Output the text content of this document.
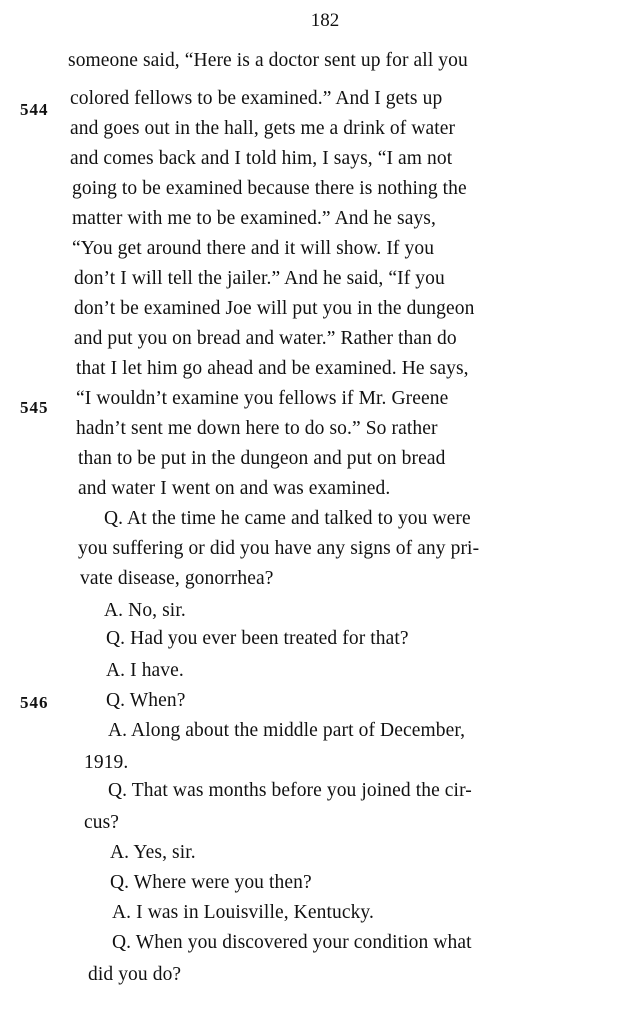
182
544
545
546
someone said, “Here is a doctor sent up for all you
colored fellows to be examined.” And I gets up
and goes out in the hall, gets me a drink of water
and comes back and I told him, I says, “I am not
going to be examined because there is nothing the
matter with me to be examined.” And he says,
“You get around there and it will show. If you
don’t I will tell the jailer.” And he said, “If you
don’t be examined Joe will put you in the dungeon
and put you on bread and water.” Rather than do
that I let him go ahead and be examined. He says,
“I wouldn’t examine you fellows if Mr. Greene
hadn’t sent me down here to do so.” So rather
than to be put in the dungeon and put on bread
and water I went on and was examined.
Q. At the time he came and talked to you were
you suffering or did you have any signs of any pri-
vate disease, gonorrhea?
A. No, sir.
Q. Had you ever been treated for that?
A. I have.
Q. When?
A. Along about the middle part of December,
1919.
Q. That was months before you joined the cir-
cus?
A. Yes, sir.
Q. Where were you then?
A. I was in Louisville, Kentucky.
Q. When you discovered your condition what
did you do?
